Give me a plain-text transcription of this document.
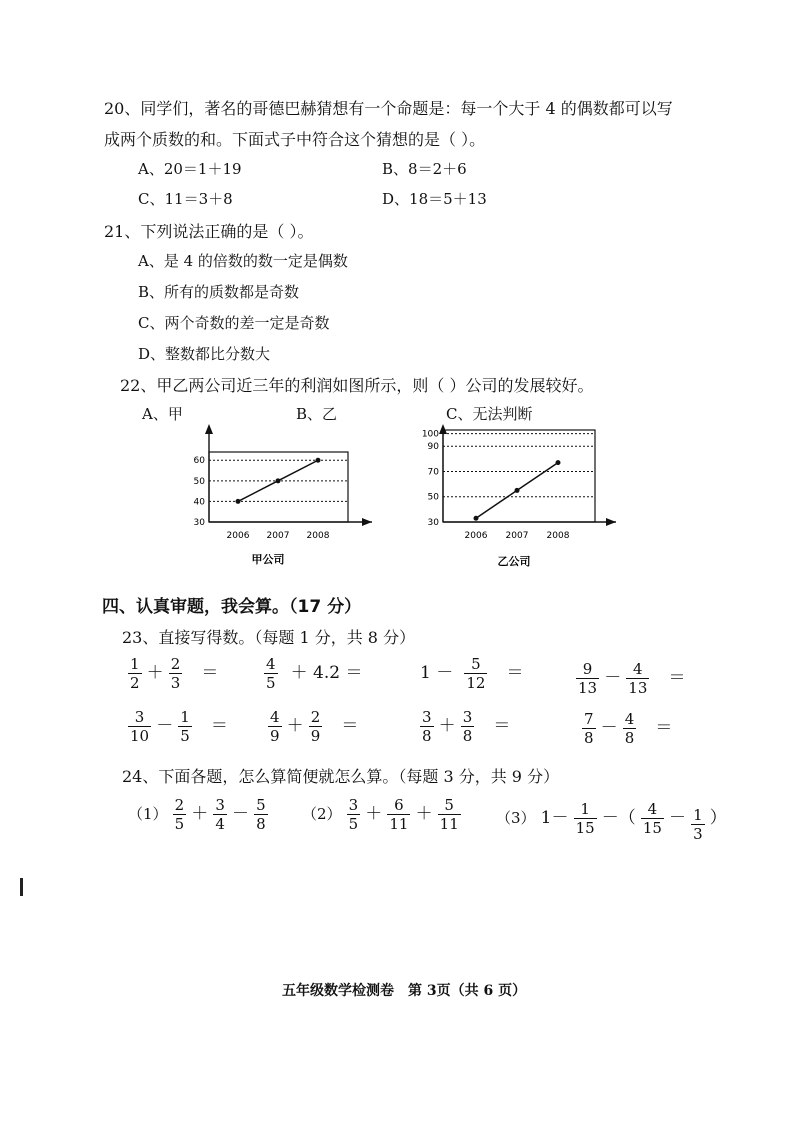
20、同学们，著名的哥德巴赫猜想有一个命题是：每一个大于 4 的偶数都可以写
成两个质数的和。下面式子中符合这个猜想的是（ ）。
A、20＝1＋19	B、8＝2＋6
C、11＝3＋8	D、18＝5＋13
21、下列说法正确的是（ ）。
A、是 4 的倍数的数一定是偶数
B、所有的质数都是奇数
C、两个奇数的差一定是奇数
D、整数都比分数大
22、甲乙两公司近三年的利润如图所示，则（ ）公司的发展较好。
A、甲	B、乙	C、无法判断
30
40
50
60
2006 2007 2008
甲公司
30
50
70
90
100
2006 2007 2008
乙公司
四、认真审题，我会算。（17 分）
23、直接写得数。（每题 1 分，共 8 分）
$\frac{1}{2} + \frac{2}{3}$ ＝	$\frac{4}{5} + 4.2$ ＝	$1 - \frac{5}{12}$ ＝	$\frac{9}{13} - \frac{4}{13}$ ＝
$\frac{3}{10} - \frac{1}{5}$ ＝	$\frac{4}{9} + \frac{2}{9}$ ＝	$\frac{3}{8} + \frac{3}{8}$ ＝	$\frac{7}{8} - \frac{4}{8}$ ＝
24、下面各题，怎么算简便就怎么算。（每题 3 分，共 9 分）
$(1) \frac{2}{5} + \frac{3}{4} - \frac{5}{8} (2) \frac{3}{5} + \frac{6}{11} + \frac{5}{11} (3)$ $1- \frac{1}{15}$ －（ $\frac{4}{15} - \frac{1}{3}$ ）
五年级数学检测卷　第 3页（共 6 页）
